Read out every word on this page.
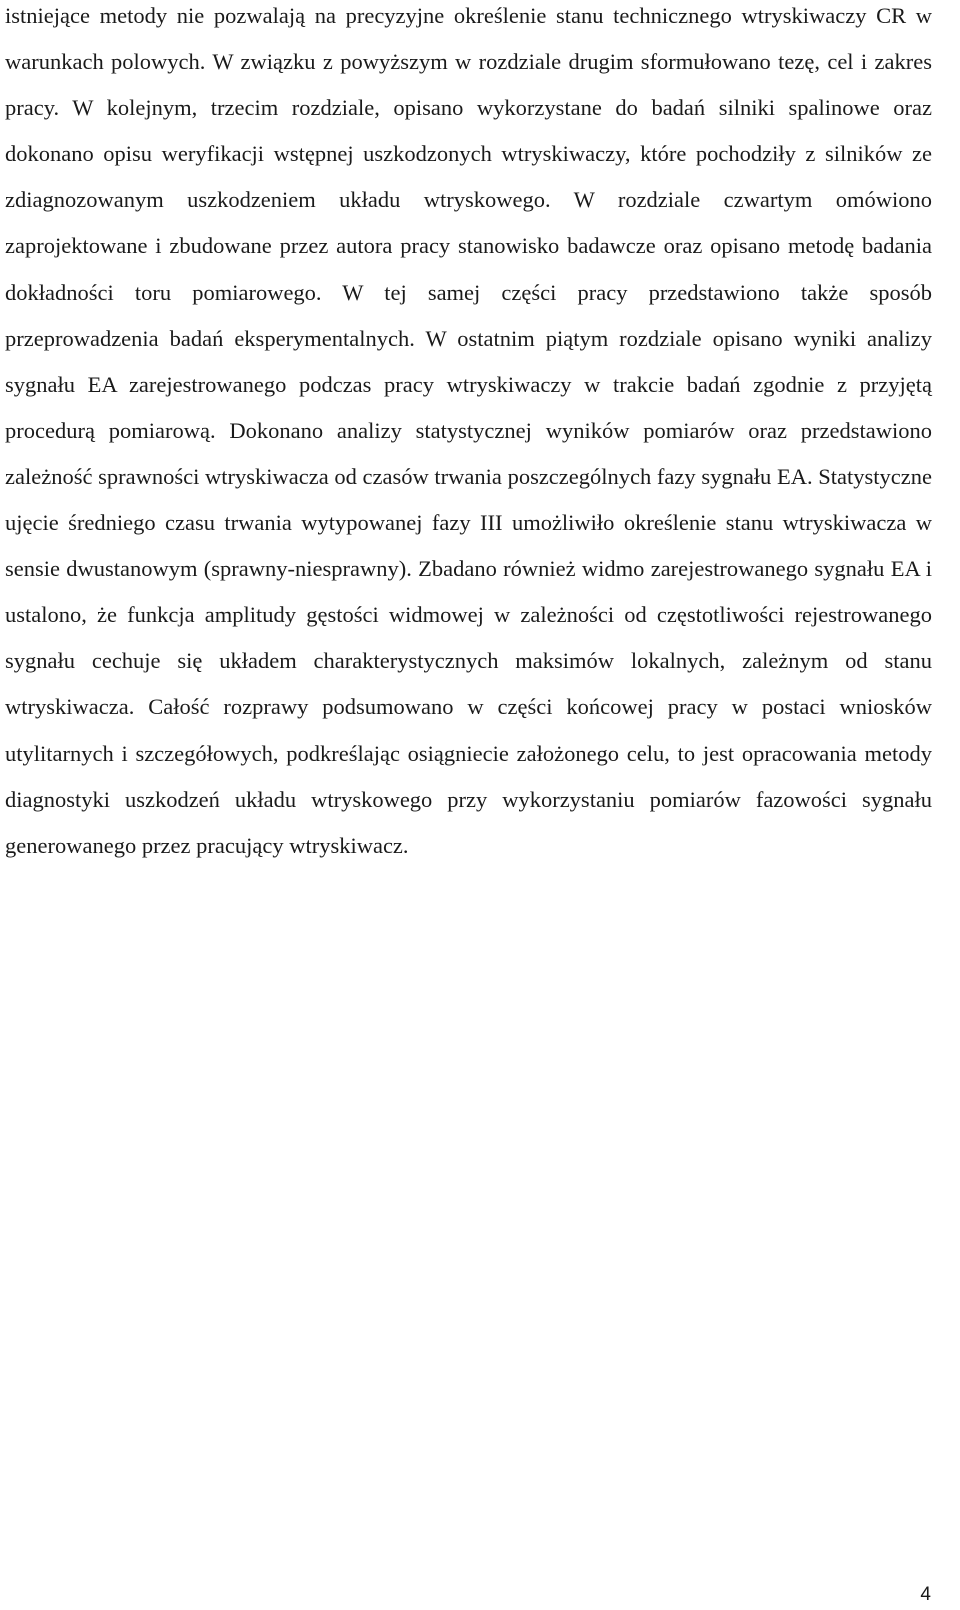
istniejące metody nie pozwalają na precyzyjne określenie stanu technicznego wtryskiwaczy CR w warunkach polowych. W związku z powyższym w rozdziale drugim sformułowano tezę, cel i zakres pracy. W kolejnym, trzecim rozdziale, opisano wykorzystane do badań silniki spalinowe oraz dokonano opisu weryfikacji wstępnej uszkodzonych wtryskiwaczy, które pochodziły z silników ze zdiagnozowanym uszkodzeniem układu wtryskowego. W rozdziale czwartym omówiono zaprojektowane i zbudowane przez autora pracy stanowisko badawcze oraz opisano metodę badania dokładności toru pomiarowego. W tej samej części pracy przedstawiono także sposób przeprowadzenia badań eksperymentalnych. W ostatnim piątym rozdziale opisano wyniki analizy sygnału EA zarejestrowanego podczas pracy wtryskiwaczy w trakcie badań zgodnie z przyjętą procedurą pomiarową. Dokonano analizy statystycznej wyników pomiarów oraz przedstawiono zależność sprawności wtryskiwacza od czasów trwania poszczególnych fazy sygnału EA. Statystyczne ujęcie średniego czasu trwania wytypowanej fazy III umożliwiło określenie stanu wtryskiwacza w sensie dwustanowym (sprawny-niesprawny). Zbadano również widmo zarejestrowanego sygnału EA i ustalono, że funkcja amplitudy gęstości widmowej w zależności od częstotliwości rejestrowanego sygnału cechuje się układem charakterystycznych maksimów lokalnych, zależnym od stanu wtryskiwacza. Całość rozprawy podsumowano w części końcowej pracy w postaci wniosków utylitarnych i szczegółowych, podkreślając osiągniecie założonego celu, to jest opracowania metody diagnostyki uszkodzeń układu wtryskowego przy wykorzystaniu pomiarów fazowości sygnału generowanego przez pracujący wtryskiwacz.

4
